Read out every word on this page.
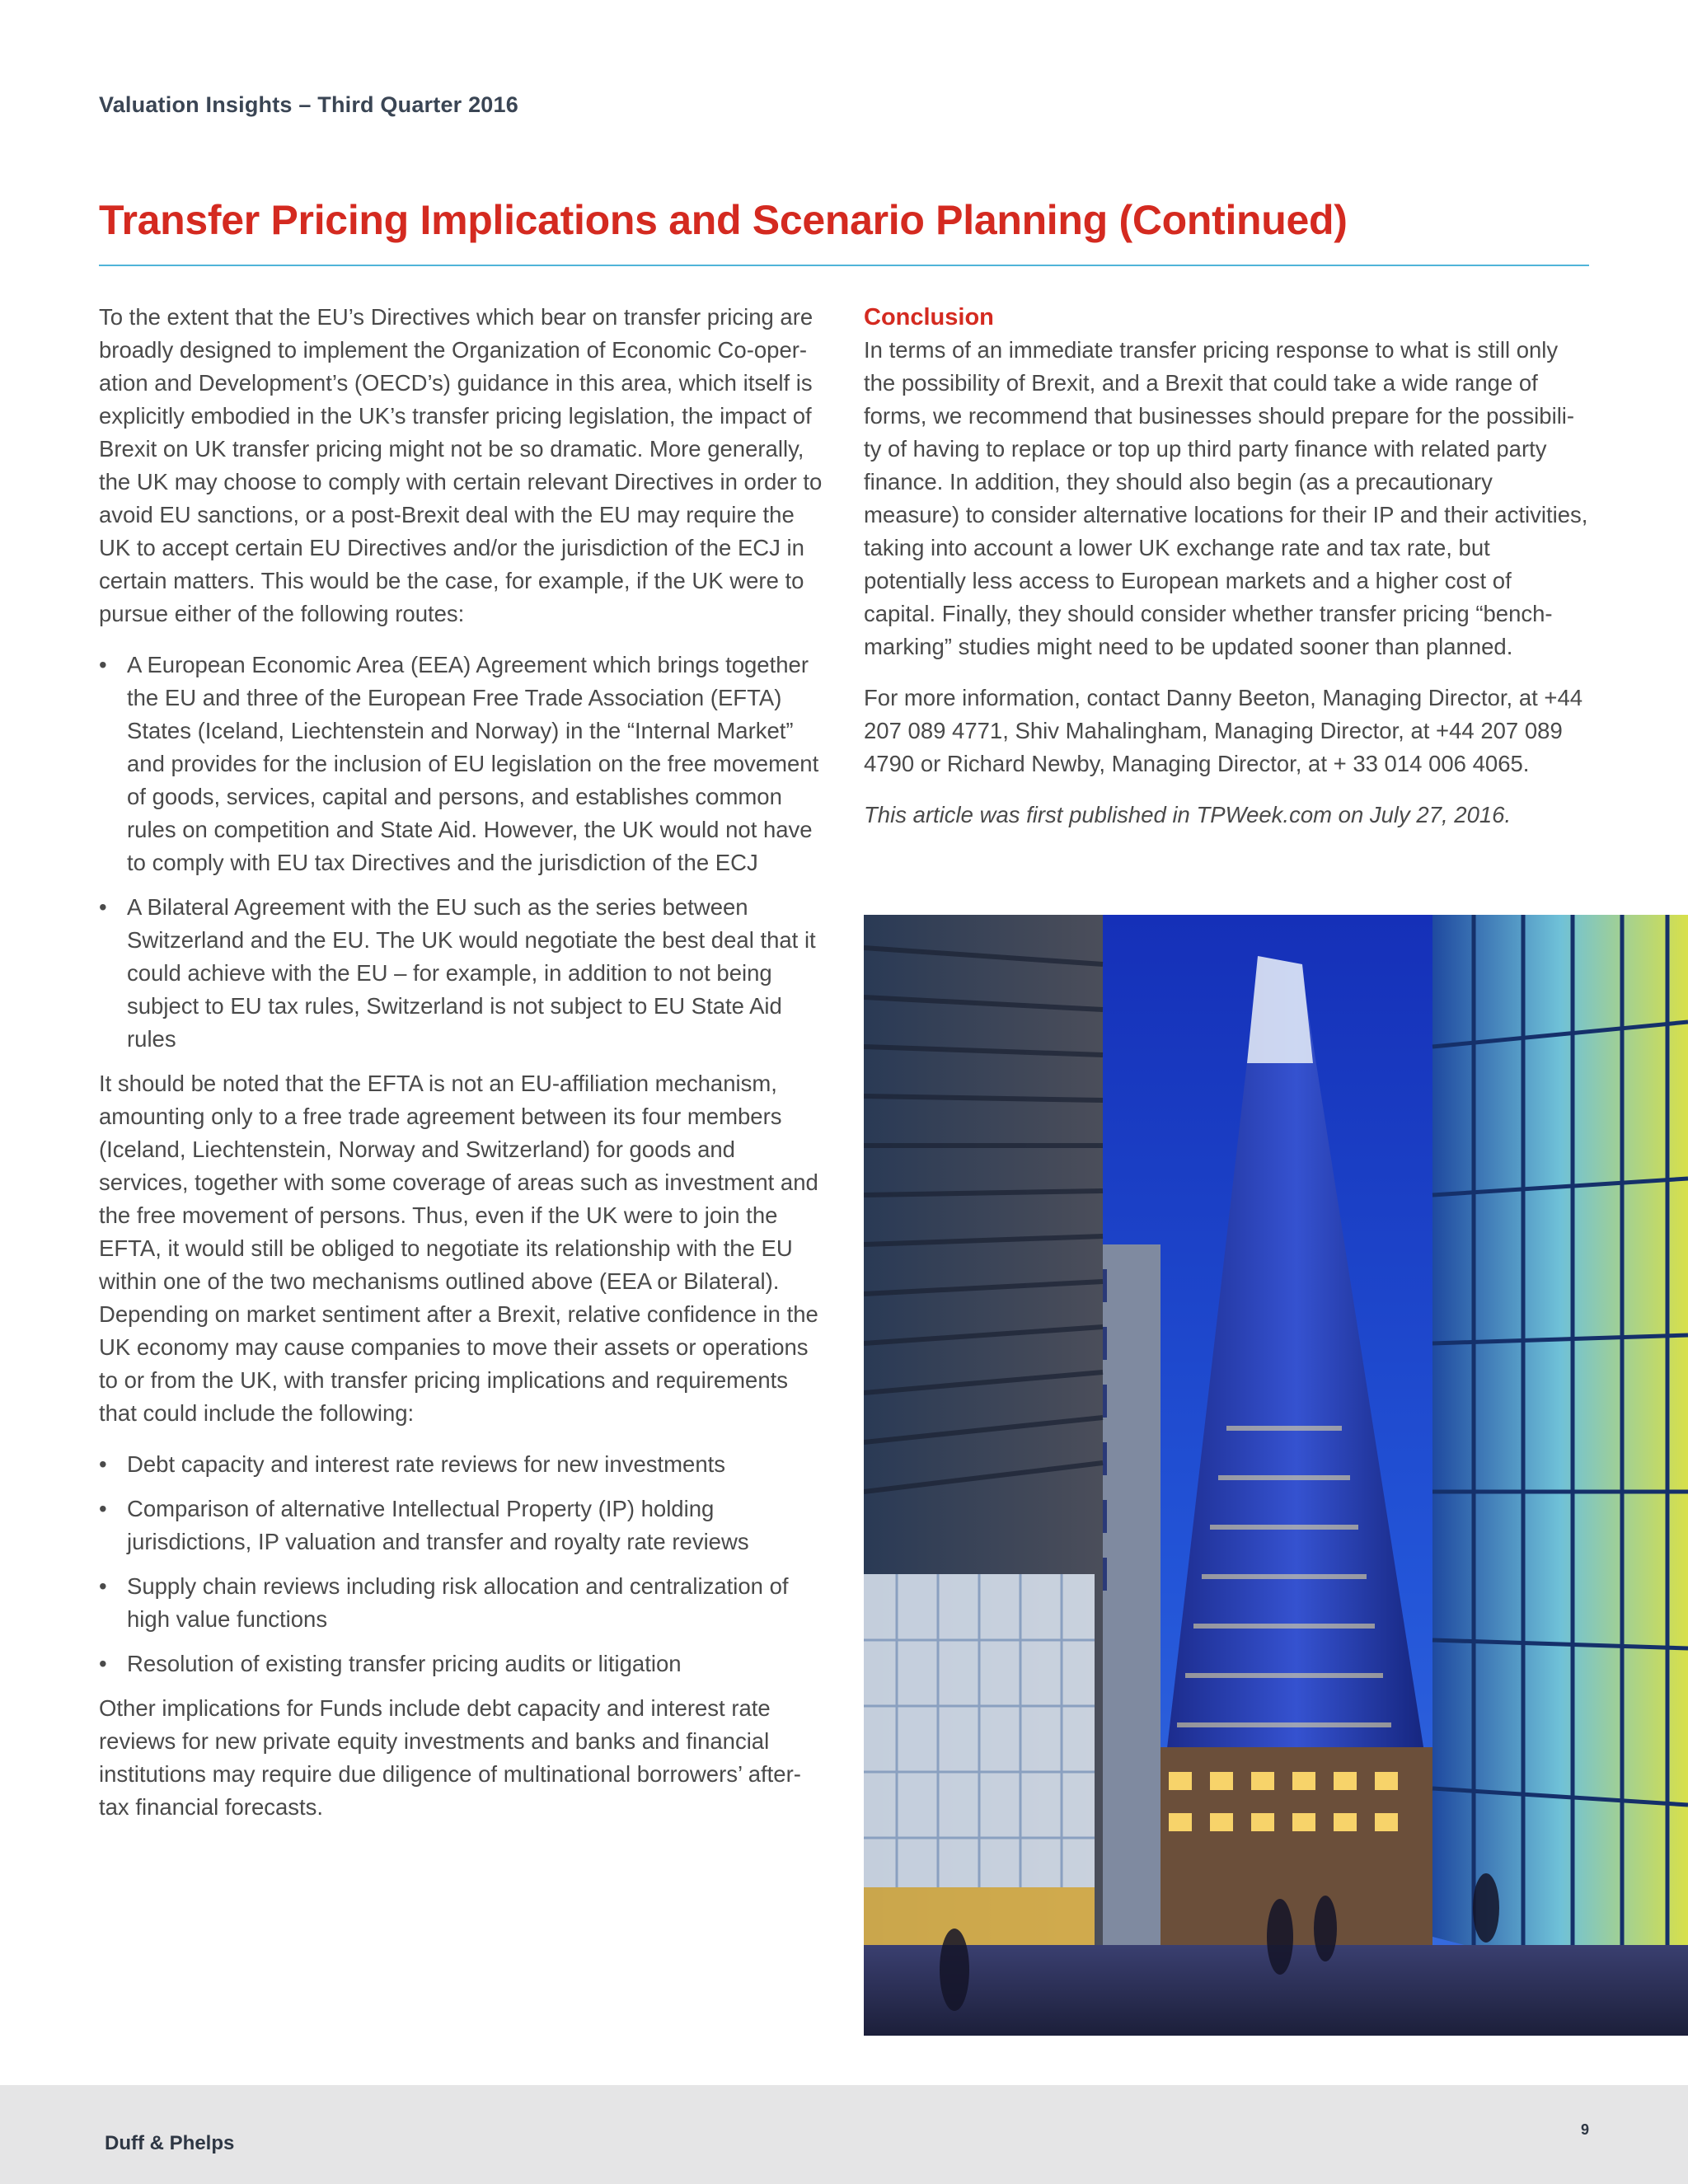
Valuation Insights – Third Quarter 2016
Transfer Pricing Implications and Scenario Planning (Continued)

To the extent that the EU’s Directives which bear on transfer pricing are broadly designed to implement the Organization of Economic Co-oper-ation and Development’s (OECD’s) guidance in this area, which itself is explicitly embodied in the UK’s transfer pricing legislation, the impact of Brexit on UK transfer pricing might not be so dramatic. More generally, the UK may choose to comply with certain relevant Directives in order to avoid EU sanctions, or a post-Brexit deal with the EU may require the UK to accept certain EU Directives and/or the jurisdiction of the ECJ in certain matters. This would be the case, for example, if the UK were to pursue either of the following routes:

• A European Economic Area (EEA) Agreement which brings together the EU and three of the European Free Trade Association (EFTA) States (Iceland, Liechtenstein and Norway) in the “Internal Market” and provides for the inclusion of EU legislation on the free movement of goods, services, capital and persons, and establishes common rules on competition and State Aid. However, the UK would not have to comply with EU tax Directives and the jurisdiction of the ECJ
• A Bilateral Agreement with the EU such as the series between Switzerland and the EU. The UK would negotiate the best deal that it could achieve with the EU – for example, in addition to not being subject to EU tax rules, Switzerland is not subject to EU State Aid rules

It should be noted that the EFTA is not an EU-affiliation mechanism, amounting only to a free trade agreement between its four members (Iceland, Liechtenstein, Norway and Switzerland) for goods and services, together with some coverage of areas such as investment and the free movement of persons. Thus, even if the UK were to join the EFTA, it would still be obliged to negotiate its relationship with the EU within one of the two mechanisms outlined above (EEA or Bilateral). Depending on market sentiment after a Brexit, relative confidence in the UK economy may cause companies to move their assets or operations to or from the UK, with transfer pricing implications and requirements that could include the following:

• Debt capacity and interest rate reviews for new investments
• Comparison of alternative Intellectual Property (IP) holding jurisdictions, IP valuation and transfer and royalty rate reviews
• Supply chain reviews including risk allocation and centralization of high value functions
• Resolution of existing transfer pricing audits or litigation

Other implications for Funds include debt capacity and interest rate reviews for new private equity investments and banks and financial institutions may require due diligence of multinational borrowers’ after-tax financial forecasts.

Conclusion

In terms of an immediate transfer pricing response to what is still only the possibility of Brexit, and a Brexit that could take a wide range of forms, we recommend that businesses should prepare for the possibili-ty of having to replace or top up third party finance with related party finance. In addition, they should also begin (as a precautionary measure) to consider alternative locations for their IP and their activities, taking into account a lower UK exchange rate and tax rate, but potentially less access to European markets and a higher cost of capital. Finally, they should consider whether transfer pricing “bench-marking” studies might need to be updated sooner than planned.

For more information, contact Danny Beeton, Managing Director, at +44 207 089 4771, Shiv Mahalingham, Managing Director, at +44 207 089 4790 or Richard Newby, Managing Director, at + 33 014 006 4065.

This article was first published in TPWeek.com on July 27, 2016.

Duff & Phelps
9
